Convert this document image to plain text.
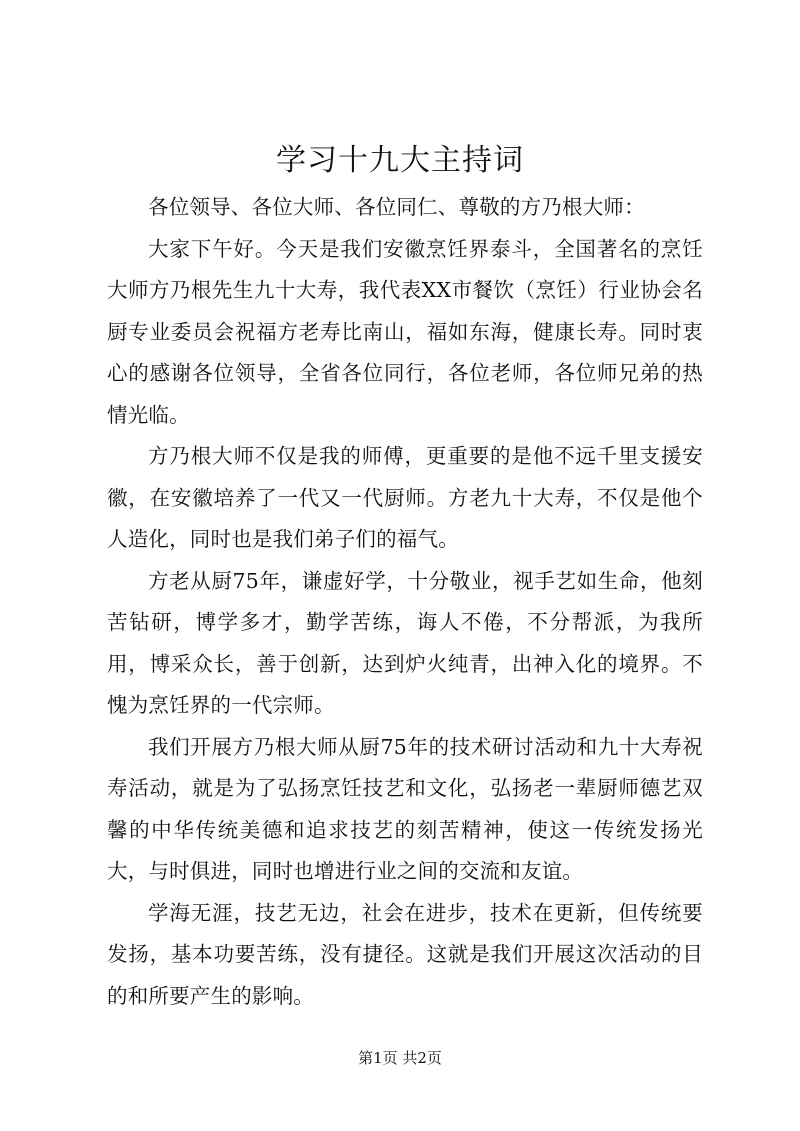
学习十九大主持词

各位领导、各位大师、各位同仁、尊敬的方乃根大师：

大家下午好。今天是我们安徽烹饪界泰斗，全国著名的烹饪大师方乃根先生九十大寿，我代表XX市餐饮（烹饪）行业协会名厨专业委员会祝福方老寿比南山，福如东海，健康长寿。同时衷心的感谢各位领导，全省各位同行，各位老师，各位师兄弟的热情光临。

方乃根大师不仅是我的师傅，更重要的是他不远千里支援安徽，在安徽培养了一代又一代厨师。方老九十大寿，不仅是他个人造化，同时也是我们弟子们的福气。

方老从厨75年，谦虚好学，十分敬业，视手艺如生命，他刻苦钻研，博学多才，勤学苦练，诲人不倦，不分帮派，为我所用，博采众长，善于创新，达到炉火纯青，出神入化的境界。不愧为烹饪界的一代宗师。

我们开展方乃根大师从厨75年的技术研讨活动和九十大寿祝寿活动，就是为了弘扬烹饪技艺和文化，弘扬老一辈厨师德艺双馨的中华传统美德和追求技艺的刻苦精神，使这一传统发扬光大，与时俱进，同时也增进行业之间的交流和友谊。

学海无涯，技艺无边，社会在进步，技术在更新，但传统要发扬，基本功要苦练，没有捷径。这就是我们开展这次活动的目的和所要产生的影响。

第1页 共2页
